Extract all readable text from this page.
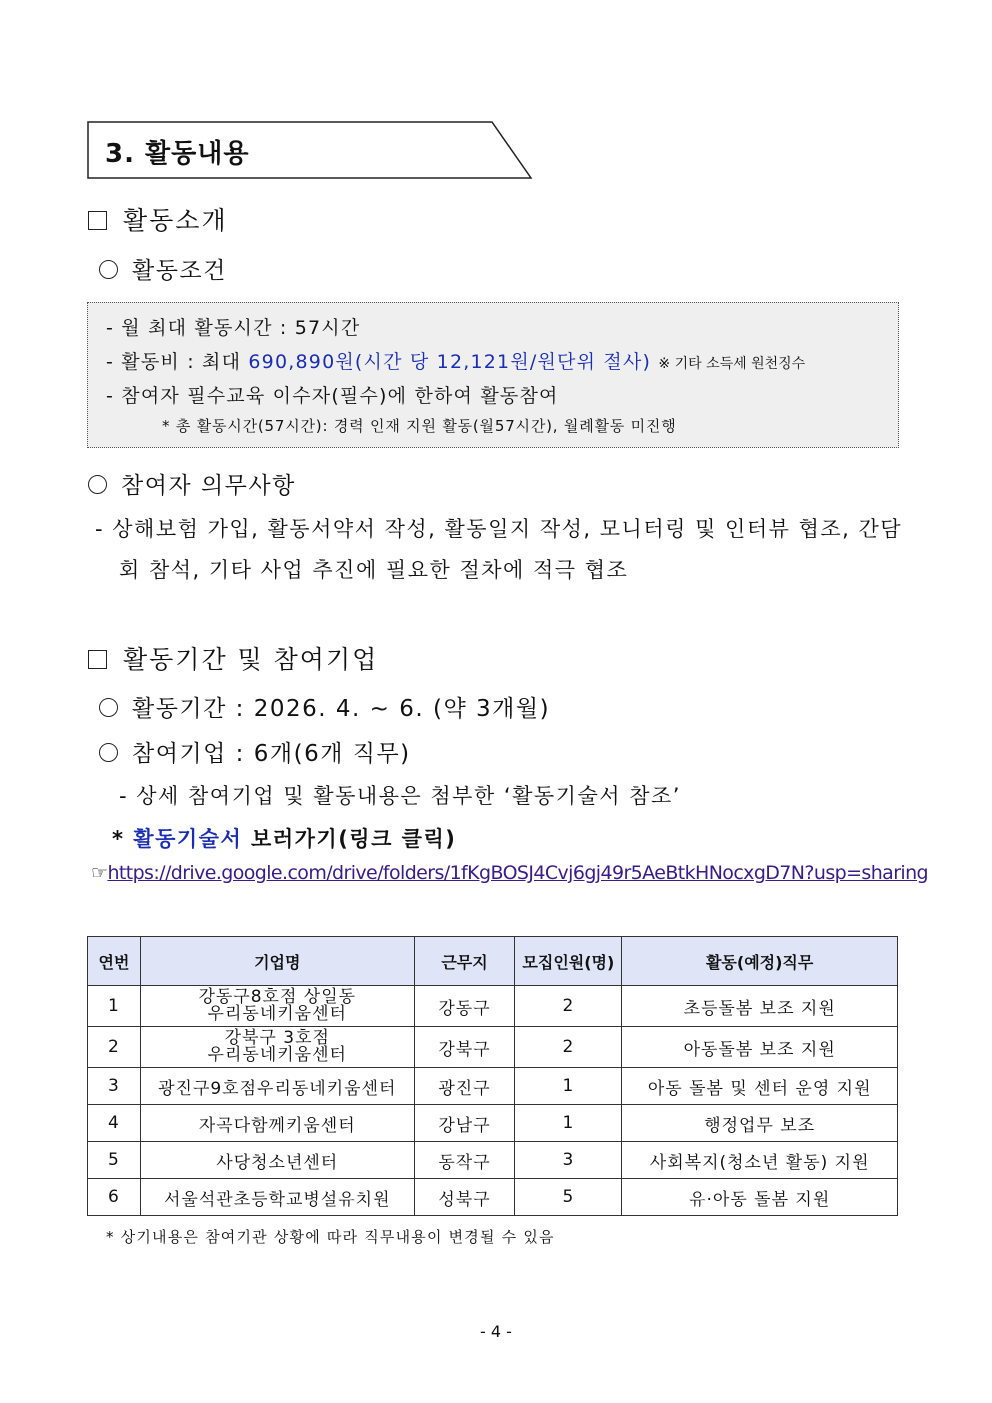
3. 활동내용
활동소개
활동조건
- 월 최대 활동시간 : 57시간
- 활동비 : 최대 690,890원(시간 당 12,121원/원단위 절사) ※ 기타 소득세 원천징수
- 참여자 필수교육 이수자(필수)에 한하여 활동참여
* 총 활동시간(57시간): 경력 인재 지원 활동(월57시간), 월례활동 미진행
참여자 의무사항
- 상해보험 가입, 활동서약서 작성, 활동일지 작성, 모니터링 및 인터뷰 협조, 간담
회 참석, 기타 사업 추진에 필요한 절차에 적극 협조
활동기간 및 참여기업
활동기간 : 2026. 4. ~ 6. (약 3개월)
참여기업 : 6개(6개 직무)
- 상세 참여기업 및 활동내용은 첨부한 ‘활동기술서 참조’
* 활동기술서 보러가기(링크 클릭)
☞https://drive.google.com/drive/folders/1fKgBOSJ4Cvj6gj49r5AeBtkHNocxgD7N?usp=sharing
연번	기업명	근무지	모집인원(명)	활동(예정)직무
1	강동구8호점 상일동
우리동네키움센터	강동구	2	초등돌봄 보조 지원
2	강북구 3호점
우리동네키움센터	강북구	2	아동돌봄 보조 지원
3	광진구9호점우리동네키움센터	광진구	1	아동 돌봄 및 센터 운영 지원
4	자곡다함께키움센터	강남구	1	행정업무 보조
5	사당청소년센터	동작구	3	사회복지(청소년 활동) 지원
6	서울석관초등학교병설유치원	성북구	5	유·아동 돌봄 지원
* 상기내용은 참여기관 상황에 따라 직무내용이 변경될 수 있음
- 4 -
